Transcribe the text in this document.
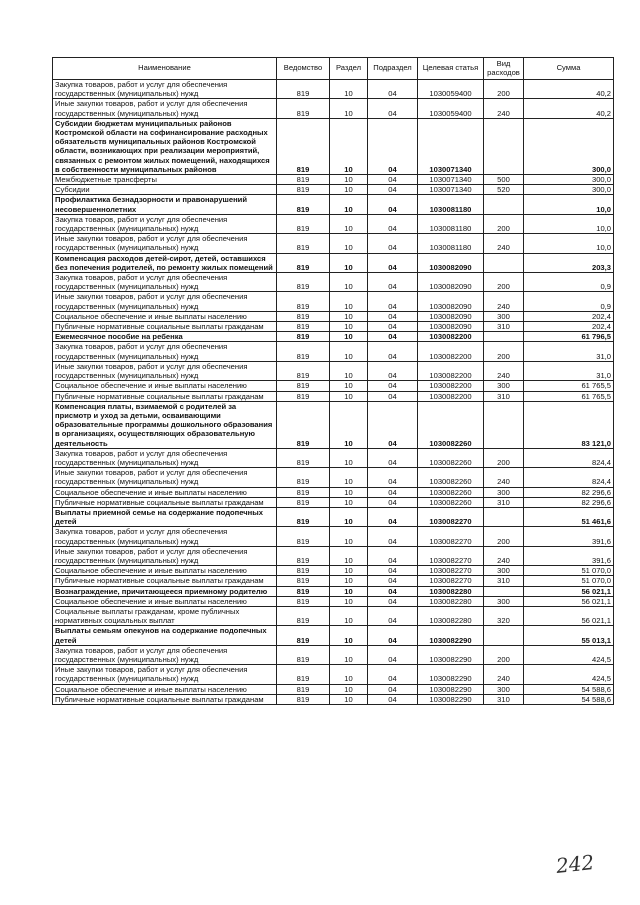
Наименование	Ведомство	Раздел	Подраздел	Целевая статья	Вид расходов	Сумма
Закупка товаров, работ и услуг для обеспечения государственных (муниципальных) нужд	819	10	04	1030059400	200	40,2
Иные закупки товаров, работ и услуг для обеспечения государственных (муниципальных) нужд	819	10	04	1030059400	240	40,2
Субсидии бюджетам муниципальных районов Костромской области на софинансирование расходных обязательств муниципальных районов Костромской области, возникающих при реализации мероприятий, связанных с ремонтом жилых помещений, находящихся в собственности муниципальных районов	819	10	04	1030071340		300,0
Межбюджетные трансферты	819	10	04	1030071340	500	300,0
Субсидии	819	10	04	1030071340	520	300,0
Профилактика безнадзорности и правонарушений несовершеннолетних	819	10	04	1030081180		10,0
Закупка товаров, работ и услуг для обеспечения государственных (муниципальных) нужд	819	10	04	1030081180	200	10,0
Иные закупки товаров, работ и услуг для обеспечения государственных (муниципальных) нужд	819	10	04	1030081180	240	10,0
Компенсация расходов детей-сирот, детей, оставшихся без попечения родителей, по ремонту жилых помещений	819	10	04	1030082090		203,3
Закупка товаров, работ и услуг для обеспечения государственных (муниципальных) нужд	819	10	04	1030082090	200	0,9
Иные закупки товаров, работ и услуг для обеспечения государственных (муниципальных) нужд	819	10	04	1030082090	240	0,9
Социальное обеспечение и иные выплаты населению	819	10	04	1030082090	300	202,4
Публичные нормативные социальные выплаты гражданам	819	10	04	1030082090	310	202,4
Ежемесячное пособие на ребенка	819	10	04	1030082200		61 796,5
Закупка товаров, работ и услуг для обеспечения государственных (муниципальных) нужд	819	10	04	1030082200	200	31,0
Иные закупки товаров, работ и услуг для обеспечения государственных (муниципальных) нужд	819	10	04	1030082200	240	31,0
Социальное обеспечение и иные выплаты населению	819	10	04	1030082200	300	61 765,5
Публичные нормативные социальные выплаты гражданам	819	10	04	1030082200	310	61 765,5
Компенсация платы, взимаемой с родителей за присмотр и уход за детьми, осваивающими образовательные программы дошкольного образования в организациях, осуществляющих образовательную деятельность	819	10	04	1030082260		83 121,0
Закупка товаров, работ и услуг для обеспечения государственных (муниципальных) нужд	819	10	04	1030082260	200	824,4
Иные закупки товаров, работ и услуг для обеспечения государственных (муниципальных) нужд	819	10	04	1030082260	240	824,4
Социальное обеспечение и иные выплаты населению	819	10	04	1030082260	300	82 296,6
Публичные нормативные социальные выплаты гражданам	819	10	04	1030082260	310	82 296,6
Выплаты приемной семье на содержание подопечных детей	819	10	04	1030082270		51 461,6
Закупка товаров, работ и услуг для обеспечения государственных (муниципальных) нужд	819	10	04	1030082270	200	391,6
Иные закупки товаров, работ и услуг для обеспечения государственных (муниципальных) нужд	819	10	04	1030082270	240	391,6
Социальное обеспечение и иные выплаты населению	819	10	04	1030082270	300	51 070,0
Публичные нормативные социальные выплаты гражданам	819	10	04	1030082270	310	51 070,0
Вознаграждение, причитающееся приемному родителю	819	10	04	1030082280		56 021,1
Социальное обеспечение и иные выплаты населению	819	10	04	1030082280	300	56 021,1
Социальные выплаты гражданам, кроме публичных нормативных социальных выплат	819	10	04	1030082280	320	56 021,1
Выплаты семьям опекунов на содержание подопечных детей	819	10	04	1030082290		55 013,1
Закупка товаров, работ и услуг для обеспечения государственных (муниципальных) нужд	819	10	04	1030082290	200	424,5
Иные закупки товаров, работ и услуг для обеспечения государственных (муниципальных) нужд	819	10	04	1030082290	240	424,5
Социальное обеспечение и иные выплаты населению	819	10	04	1030082290	300	54 588,6
Публичные нормативные социальные выплаты гражданам	819	10	04	1030082290	310	54 588,6
242
